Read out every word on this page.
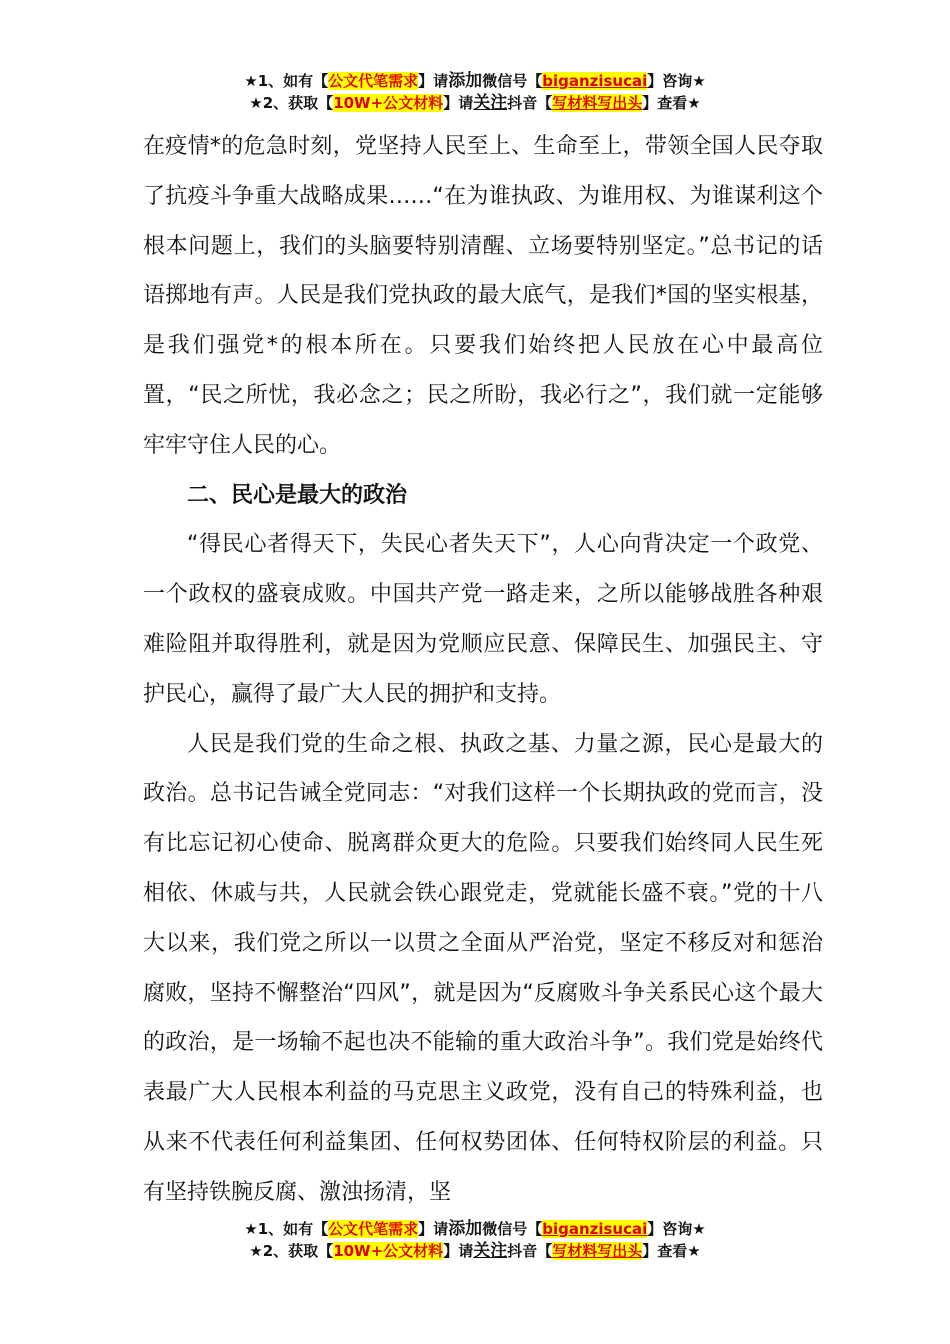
★1、如有【公文代笔需求】请添加微信号【biganzisucai】咨询★
★2、获取【10W+公文材料】请关注抖音【写材料写出头】查看★

在疫情*的危急时刻，党坚持人民至上、生命至上，带领全国人民夺取了抗疫斗争重大战略成果……“在为谁执政、为谁用权、为谁谋利这个根本问题上，我们的头脑要特别清醒、立场要特别坚定。”总书记的话语掷地有声。人民是我们党执政的最大底气，是我们*国的坚实根基，是我们强党*的根本所在。只要我们始终把人民放在心中最高位置，“民之所忧，我必念之；民之所盼，我必行之”，我们就一定能够牢牢守住人民的心。

二、民心是最大的政治

“得民心者得天下，失民心者失天下”，人心向背决定一个政党、一个政权的盛衰成败。中国共产党一路走来，之所以能够战胜各种艰难险阻并取得胜利，就是因为党顺应民意、保障民生、加强民主、守护民心，赢得了最广大人民的拥护和支持。

人民是我们党的生命之根、执政之基、力量之源，民心是最大的政治。总书记告诫全党同志：“对我们这样一个长期执政的党而言，没有比忘记初心使命、脱离群众更大的危险。只要我们始终同人民生死相依、休戚与共，人民就会铁心跟党走，党就能长盛不衰。”党的十八大以来，我们党之所以一以贯之全面从严治党，坚定不移反对和惩治腐败，坚持不懈整治“四风”，就是因为“反腐败斗争关系民心这个最大的政治，是一场输不起也决不能输的重大政治斗争”。我们党是始终代表最广大人民根本利益的马克思主义政党，没有自己的特殊利益，也从来不代表任何利益集团、任何权势团体、任何特权阶层的利益。只有坚持铁腕反腐、激浊扬清，坚

★1、如有【公文代笔需求】请添加微信号【biganzisucai】咨询★
★2、获取【10W+公文材料】请关注抖音【写材料写出头】查看★
